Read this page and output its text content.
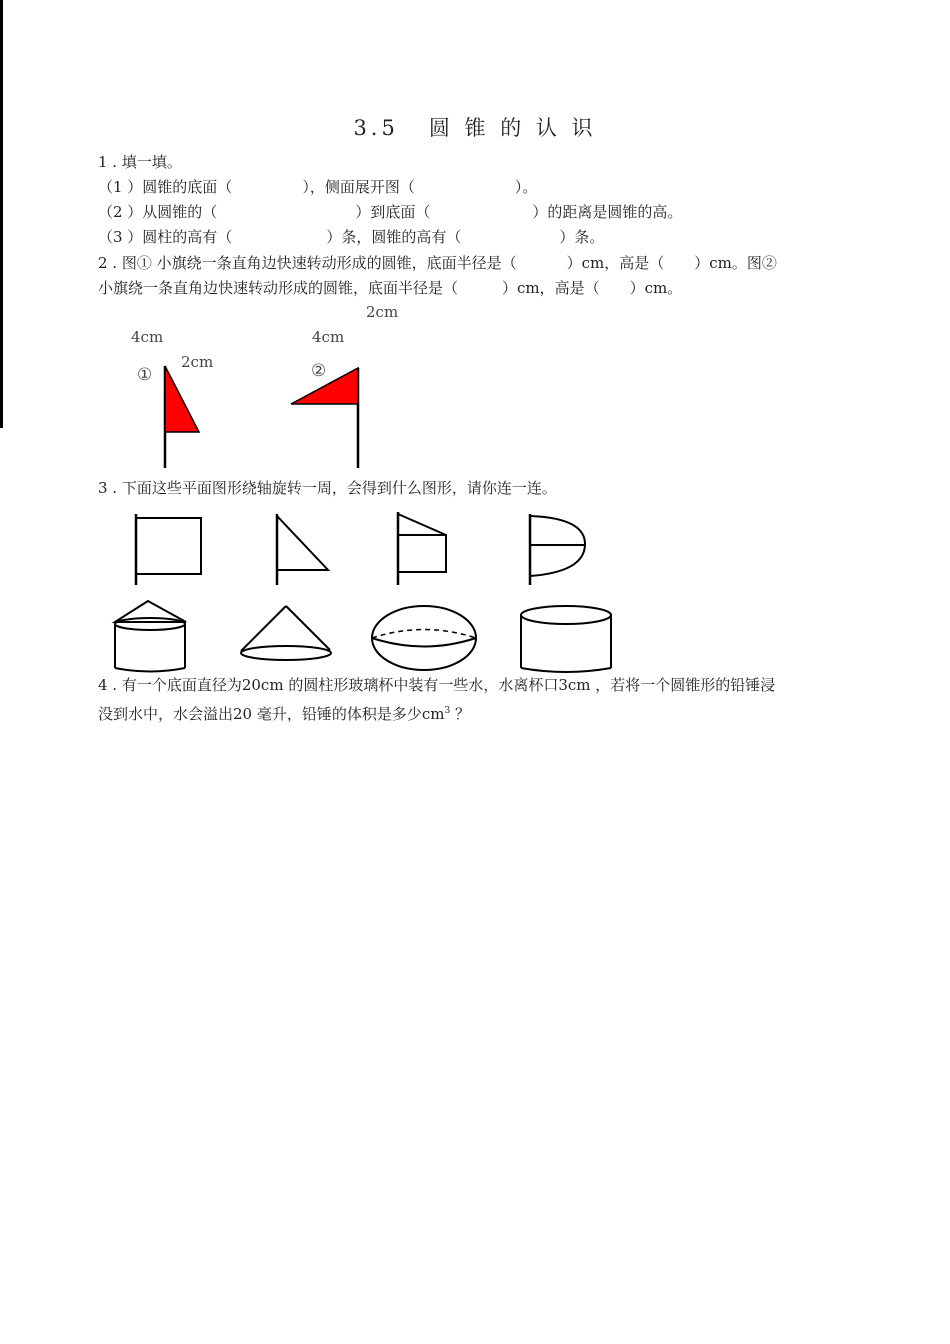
3.5 圆 锥 的 认 识
1 . 填一填。
（1 ）圆锥的底面（	），侧面展开图（	）。
（2 ）从圆锥的（	）到底面（	）的距离是圆锥的高。
（3 ）圆柱的高有（	）条，圆锥的高有（	）条。
2 . 图① 小旗绕一条直角边快速转动形成的圆锥，底面半径是（	）cm，高是（ ）cm。图②
小旗绕一条直角边快速转动形成的圆锥，底面半径是（	）cm，高是（ ）cm。
2cm
4cm	4cm
2cm
①	②
3 . 下面这些平面图形绕轴旋转一周，会得到什么图形，请你连一连。
4 . 有一个底面直径为20cm 的圆柱形玻璃杯中装有一些水，水离杯口3cm ，若将一个圆锥形的铅锤浸
没到水中，水会溢出20 毫升，铅锤的体积是多少$cm^3$ ？
